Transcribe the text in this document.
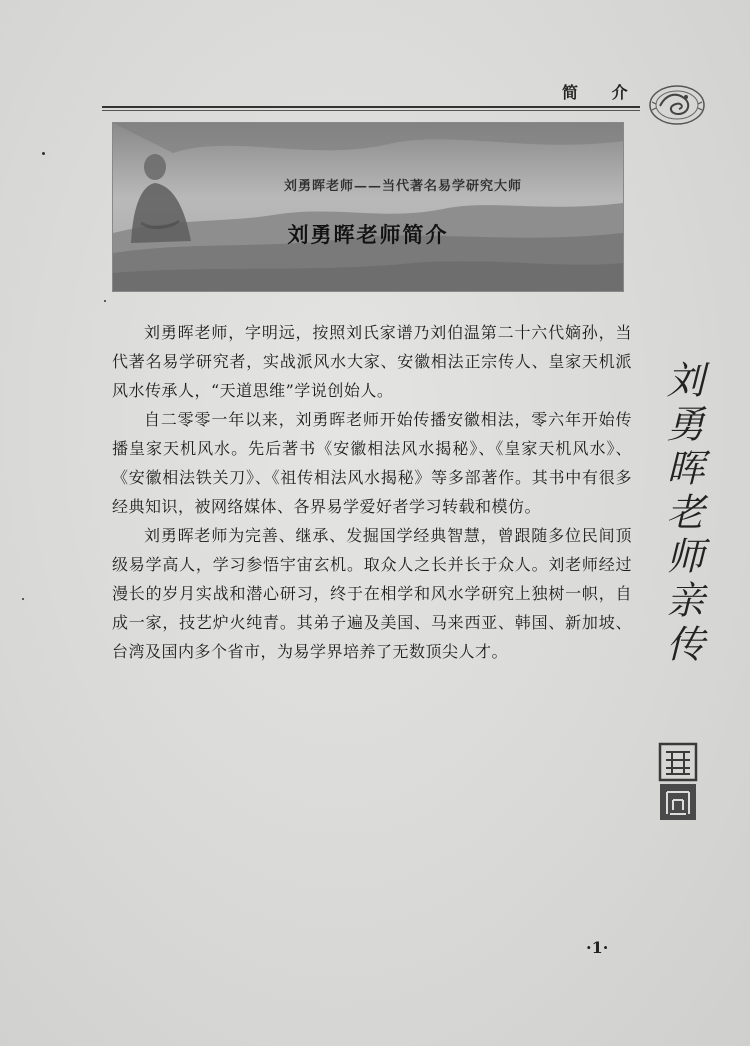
简 介
刘勇晖老师——当代著名易学研究大师
刘勇晖老师简介

刘勇晖老师，字明远，按照刘氏家谱乃刘伯温第二十六代嫡孙，当代著名易学研究者，实战派风水大家、安徽相法正宗传人、皇家天机派风水传承人，“天道思维”学说创始人。

自二零零一年以来，刘勇晖老师开始传播安徽相法，零六年开始传播皇家天机风水。先后著书《安徽相法风水揭秘》、《皇家天机风水》、《安徽相法铁关刀》、《祖传相法风水揭秘》等多部著作。其书中有很多经典知识，被网络媒体、各界易学爱好者学习转载和模仿。

刘勇晖老师为完善、继承、发掘国学经典智慧，曾跟随多位民间顶级易学高人，学习参悟宇宙玄机。取众人之长并长于众人。刘老师经过漫长的岁月实战和潜心研习，终于在相学和风水学研究上独树一帜，自成一家，技艺炉火纯青。其弟子遍及美国、马来西亚、韩国、新加坡、台湾及国内多个省市，为易学界培养了无数顶尖人才。	刘勇晖老师亲传
·1·
